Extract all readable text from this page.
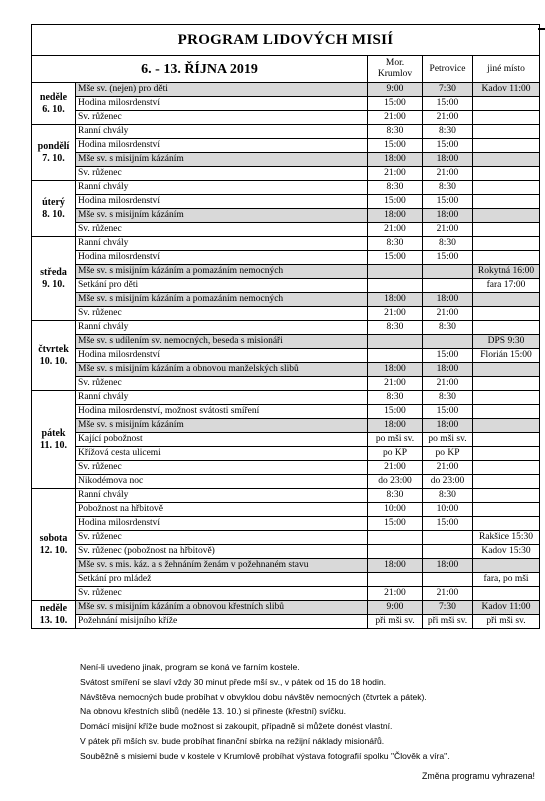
PROGRAM LIDOVÝCH MISIÍ				
6. - 13. ŘÍJNA 2019		Mor. Krumlov	Petrovice	jiné místo

neděle
6. 10.	Mše sv. (nejen) pro děti	9:00	7:30	Kadov 11:00
	Hodina milosrdenství	15:00	15:00	
	Sv. růženec	21:00	21:00	

pondělí
7. 10.	Ranní chvály	8:30	8:30	
	Hodina milosrdenství	15:00	15:00	
	Mše sv. s misijním kázáním	18:00	18:00	
	Sv. růženec	21:00	21:00	

úterý
8. 10.	Ranní chvály	8:30	8:30	
	Hodina milosrdenství	15:00	15:00	
	Mše sv. s misijním kázáním	18:00	18:00	
	Sv. růženec	21:00	21:00	

středa
9. 10.	Ranní chvály	8:30	8:30	
	Hodina milosrdenství	15:00	15:00	
	Mše sv. s misijním kázáním a pomazáním nemocných			Rokytná 16:00
	Setkání pro děti			fara 17:00
	Mše sv. s misijním kázáním a pomazáním nemocných	18:00	18:00	
	Sv. růženec	21:00	21:00	

čtvrtek
10. 10.	Ranní chvály	8:30	8:30	
	Mše sv. s udílením sv. nemocných, beseda s misionáři			DPS 9:30
	Hodina milosrdenství		15:00	Florián 15:00
	Mše sv. s misijním kázáním a obnovou manželských slibů	18:00	18:00	
	Sv. růženec	21:00	21:00	

pátek
11. 10.	Ranní chvály	8:30	8:30	
	Hodina milosrdenství, možnost svátosti smíření	15:00	15:00	
	Mše sv. s misijním kázáním	18:00	18:00	
	Kající pobožnost	po mši sv.	po mši sv.	
	Křížová cesta ulicemi	po KP	po KP	
	Sv. růženec	21:00	21:00	
	Nikodémova noc	do 23:00	do 23:00	

sobota
12. 10.	Ranní chvály	8:30	8:30	
	Pobožnost na hřbitově	10:00	10:00	
	Hodina milosrdenství	15:00	15:00	
	Sv. růženec			Rakšice 15:30
	Sv. růženec (pobožnost na hřbitově)			Kadov 15:30
	Mše sv. s mis. káz. a s žehnáním ženám v požehnaném stavu	18:00	18:00	
	Setkání pro mládež			fara, po mši
	Sv. růženec	21:00	21:00	

neděle
13. 10.	Mše sv. s misijním kázáním a obnovou křestních slibů	9:00	7:30	Kadov 11:00
	Požehnání misijního kříže	při mši sv.	při mši sv.	při mši sv.
Není-li uvedeno jinak, program se koná ve farním kostele.
Svátost smíření se slaví vždy 30 minut přede mší sv., v pátek od 15 do 18 hodin.
Návštěva nemocných bude probíhat v obvyklou dobu návštěv nemocných (čtvrtek a pátek).
Na obnovu křestních slibů (neděle 13. 10.) si přineste (křestní) svíčku.
Domácí misijní kříže bude možnost si zakoupit, případně si můžete donést vlastní.
V pátek při mších sv. bude probíhat finanční sbírka na režijní náklady misionářů.
Souběžně s misiemi bude v kostele v Krumlově probíhat výstava fotografií spolku "Člověk a víra".
Změna programu vyhrazena!
